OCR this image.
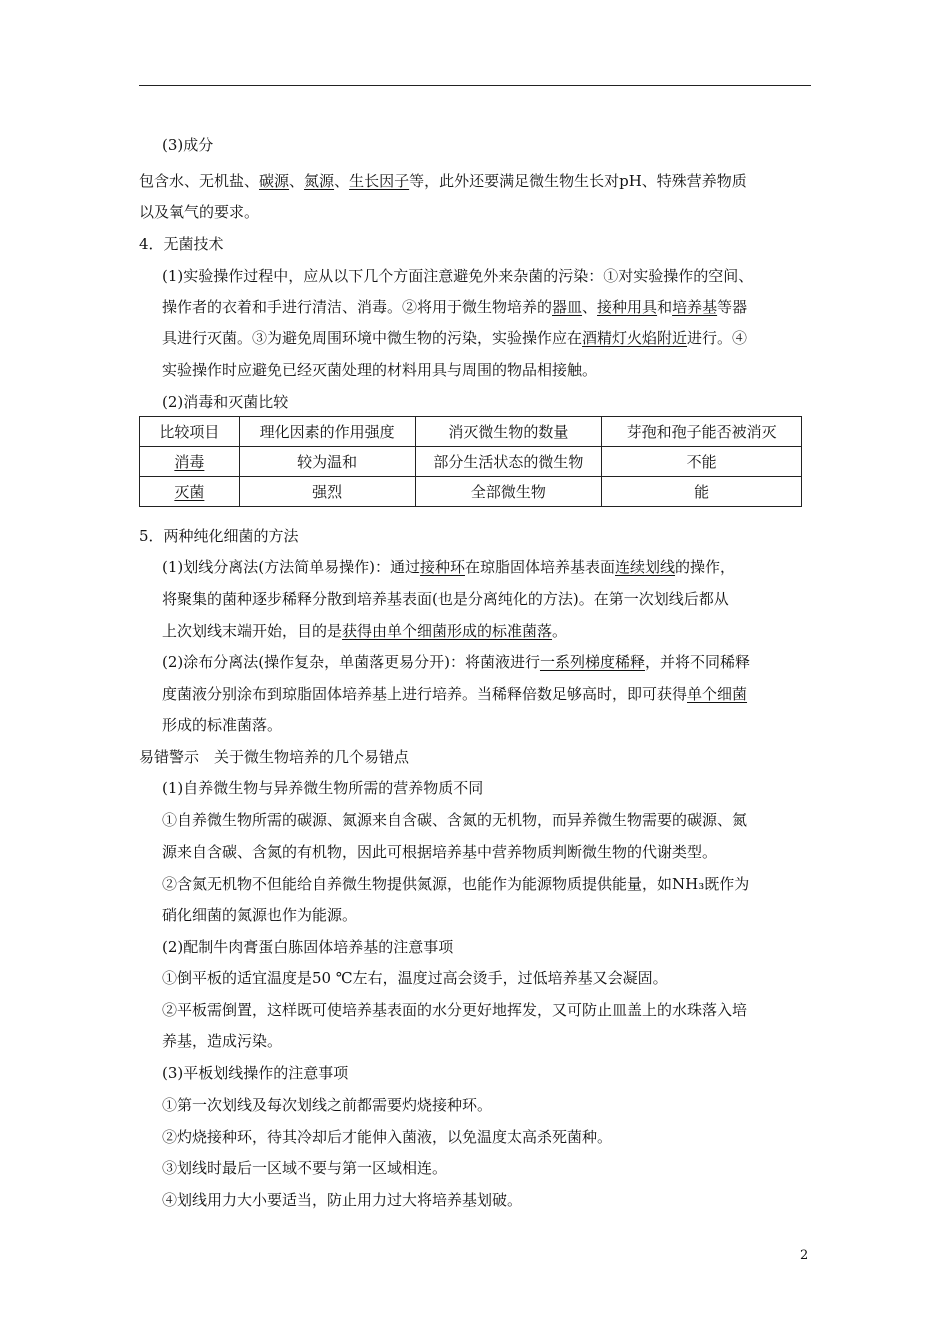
(3)成分
包含水、无机盐、碳源、氮源、生长因子等，此外还要满足微生物生长对pH、特殊营养物质
以及氧气的要求。
4．无菌技术
(1)实验操作过程中，应从以下几个方面注意避免外来杂菌的污染：①对实验操作的空间、
操作者的衣着和手进行清洁、消毒。②将用于微生物培养的器皿、接种用具和培养基等器
具进行灭菌。③为避免周围环境中微生物的污染，实验操作应在酒精灯火焰附近进行。④
实验操作时应避免已经灭菌处理的材料用具与周围的物品相接触。
(2)消毒和灭菌比较
比较项目	理化因素的作用强度	消灭微生物的数量	芽孢和孢子能否被消灭
消毒	较为温和	部分生活状态的微生物	不能
灭菌	强烈	全部微生物	能
5．两种纯化细菌的方法
(1)划线分离法(方法简单易操作)：通过接种环在琼脂固体培养基表面连续划线的操作，
将聚集的菌种逐步稀释分散到培养基表面(也是分离纯化的方法)。在第一次划线后都从
上次划线末端开始，目的是获得由单个细菌形成的标准菌落。
(2)涂布分离法(操作复杂，单菌落更易分开)：将菌液进行一系列梯度稀释，并将不同稀释
度菌液分别涂布到琼脂固体培养基上进行培养。当稀释倍数足够高时，即可获得单个细菌
形成的标准菌落。
易错警示　关于微生物培养的几个易错点
(1)自养微生物与异养微生物所需的营养物质不同
①自养微生物所需的碳源、氮源来自含碳、含氮的无机物，而异养微生物需要的碳源、氮
源来自含碳、含氮的有机物，因此可根据培养基中营养物质判断微生物的代谢类型。
②含氮无机物不但能给自养微生物提供氮源，也能作为能源物质提供能量，如NH₃既作为
硝化细菌的氮源也作为能源。
(2)配制牛肉膏蛋白胨固体培养基的注意事项
①倒平板的适宜温度是50 ℃左右，温度过高会烫手，过低培养基又会凝固。
②平板需倒置，这样既可使培养基表面的水分更好地挥发，又可防止皿盖上的水珠落入培
养基，造成污染。
(3)平板划线操作的注意事项
①第一次划线及每次划线之前都需要灼烧接种环。
②灼烧接种环，待其冷却后才能伸入菌液，以免温度太高杀死菌种。
③划线时最后一区域不要与第一区域相连。
④划线用力大小要适当，防止用力过大将培养基划破。
2
